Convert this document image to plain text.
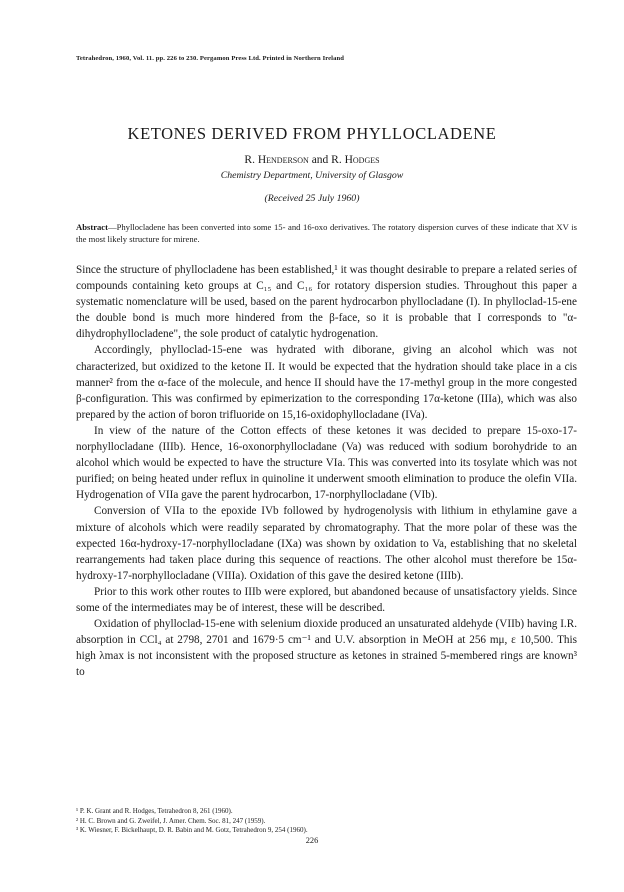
Tetrahedron, 1960, Vol. 11. pp. 226 to 230. Pergamon Press Ltd. Printed in Northern Ireland
KETONES DERIVED FROM PHYLLOCLADENE
R. Henderson and R. Hodges
Chemistry Department, University of Glasgow
(Received 25 July 1960)
Abstract—Phyllocladene has been converted into some 15- and 16-oxo derivatives. The rotatory dispersion curves of these indicate that XV is the most likely structure for mirene.

Since the structure of phyllocladene has been established,¹ it was thought desirable to prepare a related series of compounds containing keto groups at C₁₅ and C₁₆ for rotatory dispersion studies. Throughout this paper a systematic nomenclature will be used, based on the parent hydrocarbon phyllocladane (I). In phylloclad-15-ene the double bond is much more hindered from the β-face, so it is probable that I corresponds to "α-dihydrophyllocladene", the sole product of catalytic hydrogenation.

Accordingly, phylloclad-15-ene was hydrated with diborane, giving an alcohol which was not characterized, but oxidized to the ketone II. It would be expected that the hydration should take place in a cis manner² from the α-face of the molecule, and hence II should have the 17-methyl group in the more congested β-configuration. This was confirmed by epimerization to the corresponding 17α-ketone (IIIa), which was also prepared by the action of boron trifluoride on 15,16-oxidophyllocladane (IVa).

In view of the nature of the Cotton effects of these ketones it was decided to prepare 15-oxo-17-norphyllocladane (IIIb). Hence, 16-oxonorphyllocladane (Va) was reduced with sodium borohydride to an alcohol which would be expected to have the structure VIa. This was converted into its tosylate which was not purified; on being heated under reflux in quinoline it underwent smooth elimination to produce the olefin VIIa. Hydrogenation of VIIa gave the parent hydrocarbon, 17-norphyllocladane (VIb).

Conversion of VIIa to the epoxide IVb followed by hydrogenolysis with lithium in ethylamine gave a mixture of alcohols which were readily separated by chromatography. That the more polar of these was the expected 16α-hydroxy-17-norphyllocladane (IXa) was shown by oxidation to Va, establishing that no skeletal rearrangements had taken place during this sequence of reactions. The other alcohol must therefore be 15α-hydroxy-17-norphyllocladane (VIIIa). Oxidation of this gave the desired ketone (IIIb).

Prior to this work other routes to IIIb were explored, but abandoned because of unsatisfactory yields. Since some of the intermediates may be of interest, these will be described.

Oxidation of phylloclad-15-ene with selenium dioxide produced an unsaturated aldehyde (VIIb) having I.R. absorption in CCl₄ at 2798, 2701 and 1679·5 cm⁻¹ and U.V. absorption in MeOH at 256 mμ, ε 10,500. This high λmax is not inconsistent with the proposed structure as ketones in strained 5-membered rings are known³ to

¹ P. K. Grant and R. Hodges, Tetrahedron 8, 261 (1960).
² H. C. Brown and G. Zweifel, J. Amer. Chem. Soc. 81, 247 (1959).
³ K. Wiesner, F. Bickelhaupt, D. R. Babin and M. Gotz, Tetrahedron 9, 254 (1960).
226
